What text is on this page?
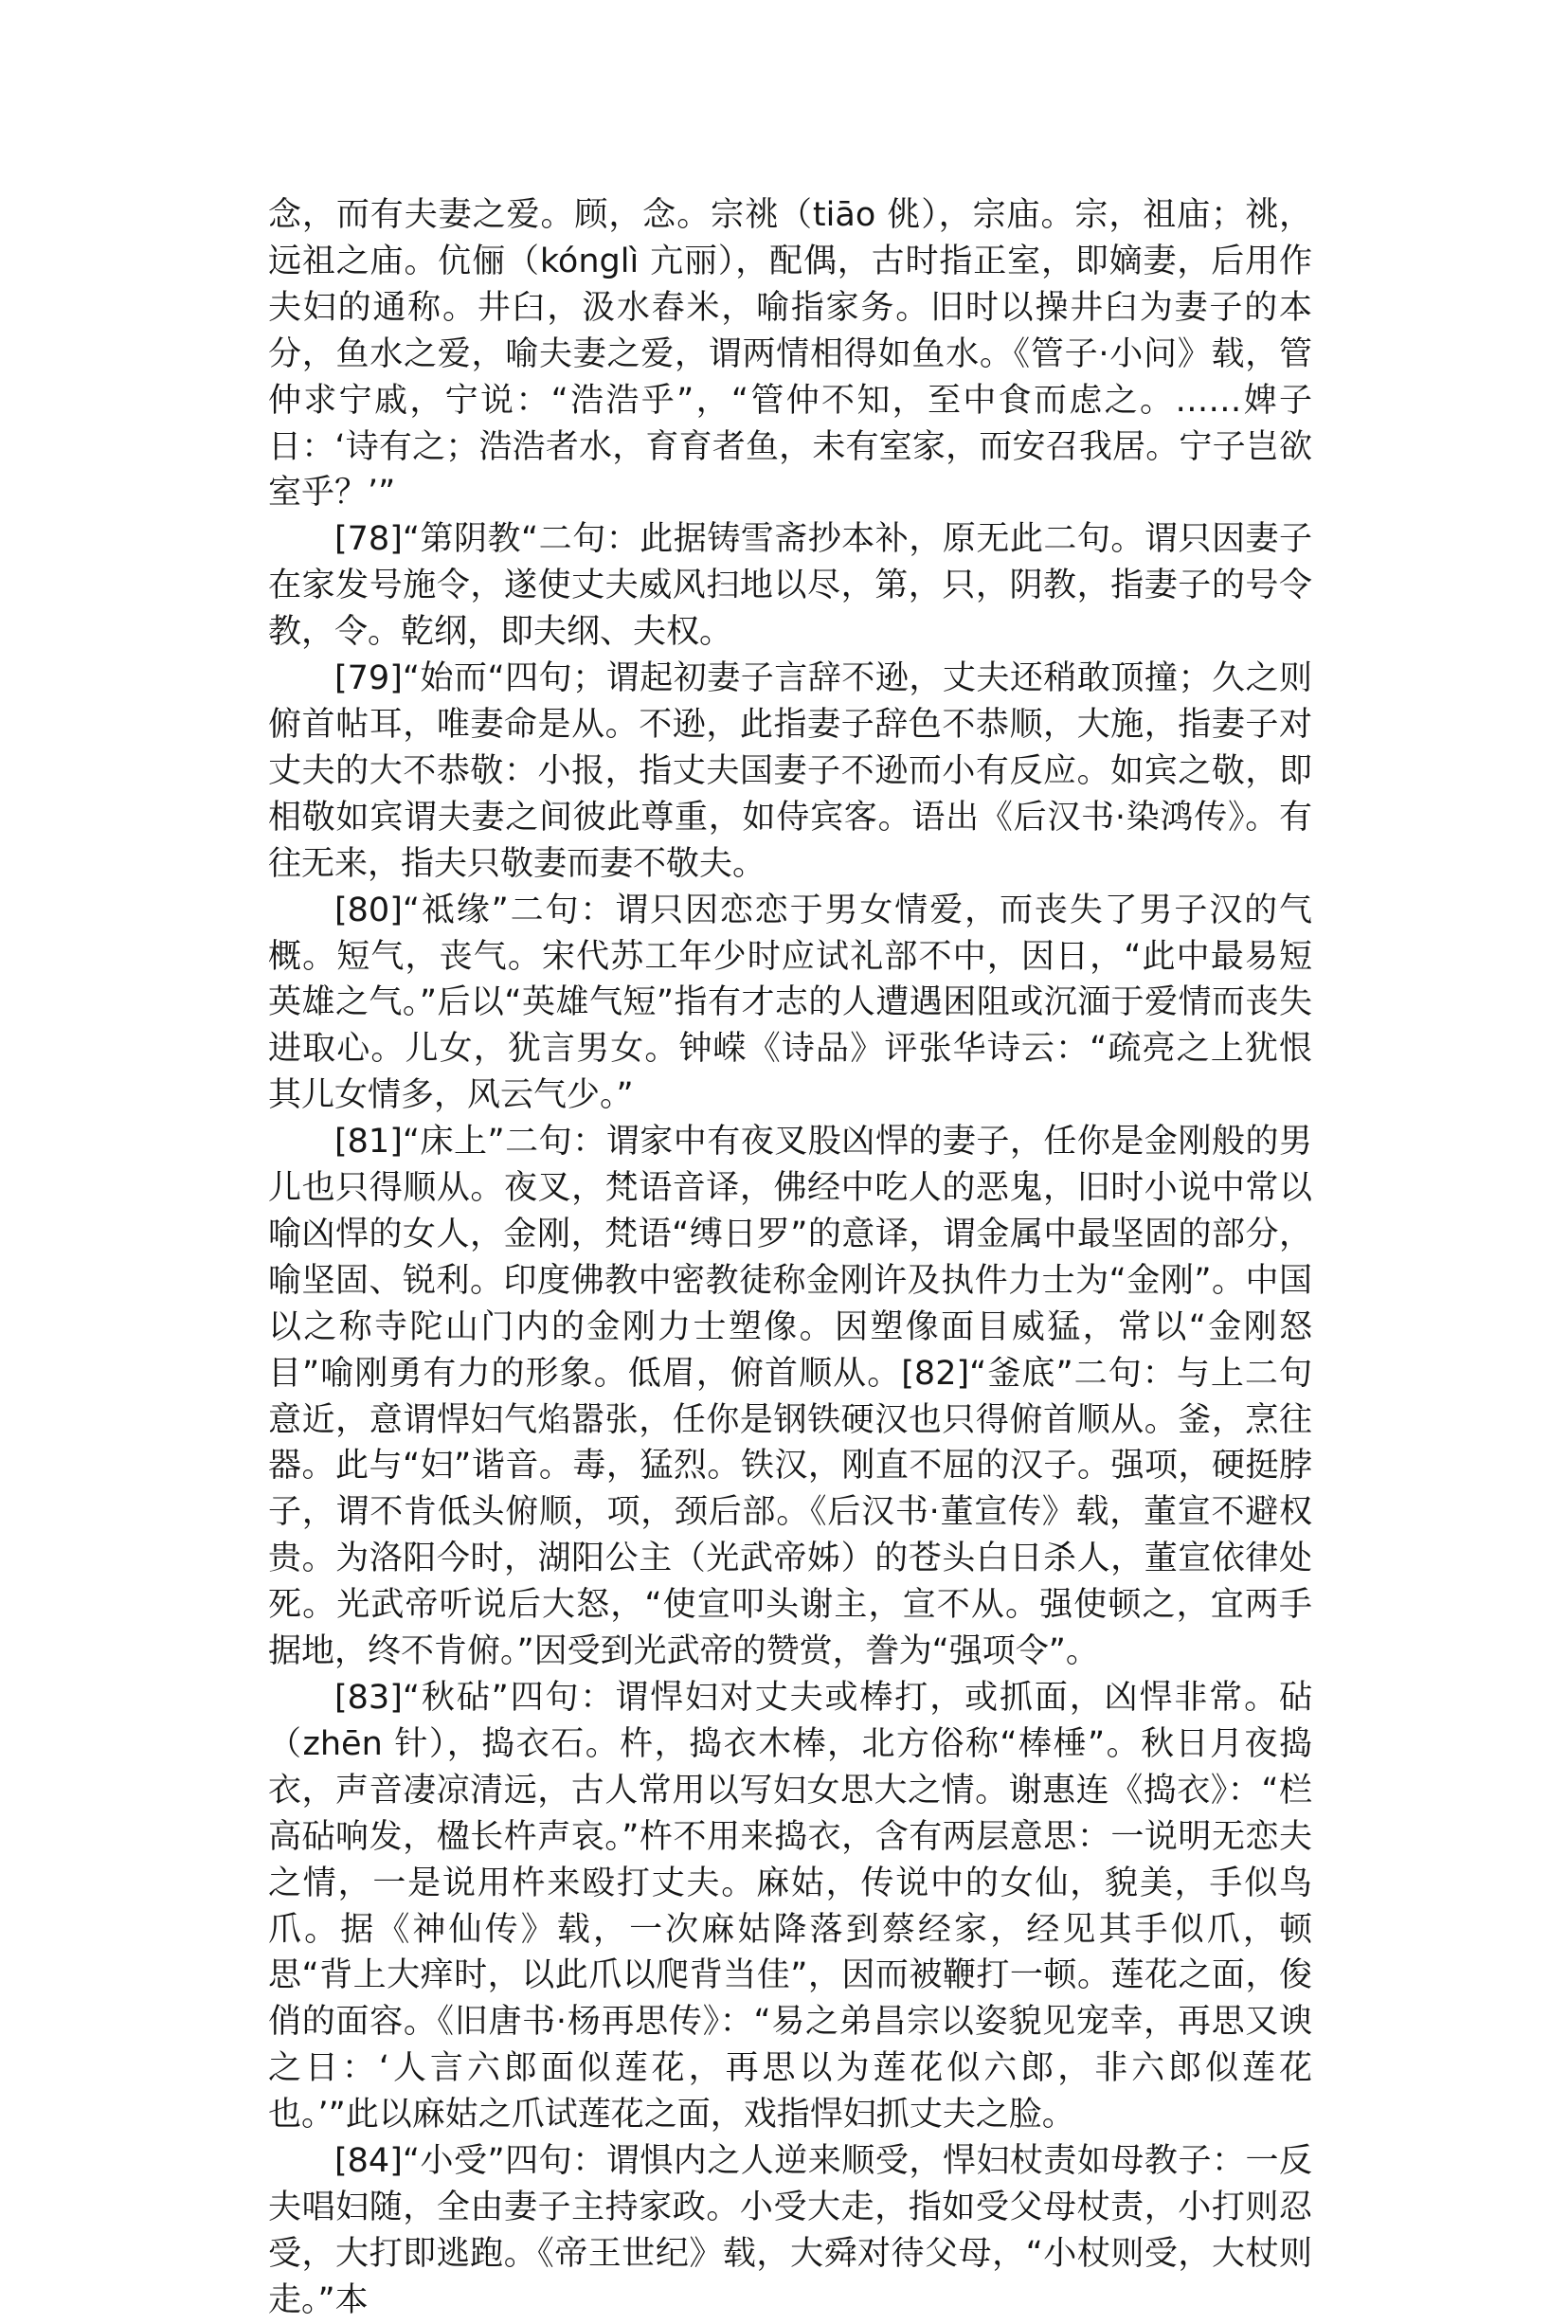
念，而有夫妻之爱。顾，念。宗祧（tiāo 佻），宗庙。宗，祖庙；祧，远祖之庙。伉俪（kónglì 亢丽），配偶，古时指正室，即嫡妻，后用作夫妇的通称。井臼，汲水舂米，喻指家务。旧时以操井臼为妻子的本分，鱼水之爱，喻夫妻之爱，谓两情相得如鱼水。《管子·小问》载，管仲求宁戚，宁说：“浩浩乎”，“管仲不知，至中食而虑之。……婢子日：‘诗有之；浩浩者水，育育者鱼，未有室家，而安召我居。宁子岂欲室乎？’”

[78]“第阴教“二句：此据铸雪斋抄本补，原无此二句。谓只因妻子在家发号施令，遂使丈夫威风扫地以尽，第，只，阴教，指妻子的号令教，令。乾纲，即夫纲、夫权。

[79]“始而“四句；谓起初妻子言辞不逊，丈夫还稍敢顶撞；久之则俯首帖耳，唯妻命是从。不逊，此指妻子辞色不恭顺，大施，指妻子对丈夫的大不恭敬：小报，指丈夫国妻子不逊而小有反应。如宾之敬，即相敬如宾谓夫妻之间彼此尊重，如侍宾客。语出《后汉书·染鸿传》。有往无来，指夫只敬妻而妻不敬夫。

[80]“祗缘”二句：谓只因恋恋于男女情爱，而丧失了男子汉的气概。短气，丧气。宋代苏工年少时应试礼部不中，因日，“此中最易短英雄之气。”后以“英雄气短”指有才志的人遭遇困阻或沉湎于爱情而丧失进取心。儿女，犹言男女。钟嵘《诗品》评张华诗云：“疏亮之上犹恨其儿女情多，风云气少。”

[81]“床上”二句：谓家中有夜叉股凶悍的妻子，任你是金刚般的男儿也只得顺从。夜叉，梵语音译，佛经中吃人的恶鬼，旧时小说中常以喻凶悍的女人，金刚，梵语“缚日罗”的意译，谓金属中最坚固的部分，喻坚固、锐利。印度佛教中密教徒称金刚许及执件力士为“金刚”。中国以之称寺陀山门内的金刚力士塑像。因塑像面目威猛，常以“金刚怒目”喻刚勇有力的形象。低眉，俯首顺从。[82]“釜底”二句：与上二句意近，意谓悍妇气焰嚣张，任你是钢铁硬汉也只得俯首顺从。釜，烹往器。此与“妇”谐音。毒，猛烈。铁汉，刚直不屈的汉子。强项，硬挺脖子，谓不肯低头俯顺，项，颈后部。《后汉书·董宣传》载，董宣不避权贵。为洛阳今时，湖阳公主（光武帝姊）的苍头白日杀人，董宣依律处死。光武帝听说后大怒，“使宣叩头谢主，宣不从。强使顿之，宜两手据地，终不肯俯。”因受到光武帝的赞赏，誊为“强项令”。

[83]“秋砧”四句：谓悍妇对丈夫或棒打，或抓面，凶悍非常。砧（zhēn 针），捣衣石。杵，捣衣木棒，北方俗称“棒棰”。秋日月夜捣衣，声音凄凉清远，古人常用以写妇女思大之情。谢惠连《捣衣》：“栏高砧响发，楹长杵声哀。”杵不用来捣衣，含有两层意思：一说明无恋夫之情，一是说用杵来殴打丈夫。麻姑，传说中的女仙，貌美，手似鸟爪。据《神仙传》载，一次麻姑降落到蔡经家，经见其手似爪，顿思“背上大痒时，以此爪以爬背当佳”，因而被鞭打一顿。莲花之面，俊俏的面容。《旧唐书·杨再思传》：“易之弟昌宗以姿貌见宠幸，再思又谀之日：‘人言六郎面似莲花，再思以为莲花似六郎，非六郎似莲花也。’”此以麻姑之爪试莲花之面，戏指悍妇抓丈夫之脸。

[84]“小受”四句：谓惧内之人逆来顺受，悍妇杖责如母教子：一反夫唱妇随，全由妻子主持家政。小受大走，指如受父母杖责，小打则忍受，大打即逃跑。《帝王世纪》载，大舜对待父母，“小杖则受，大杖则走。”本
